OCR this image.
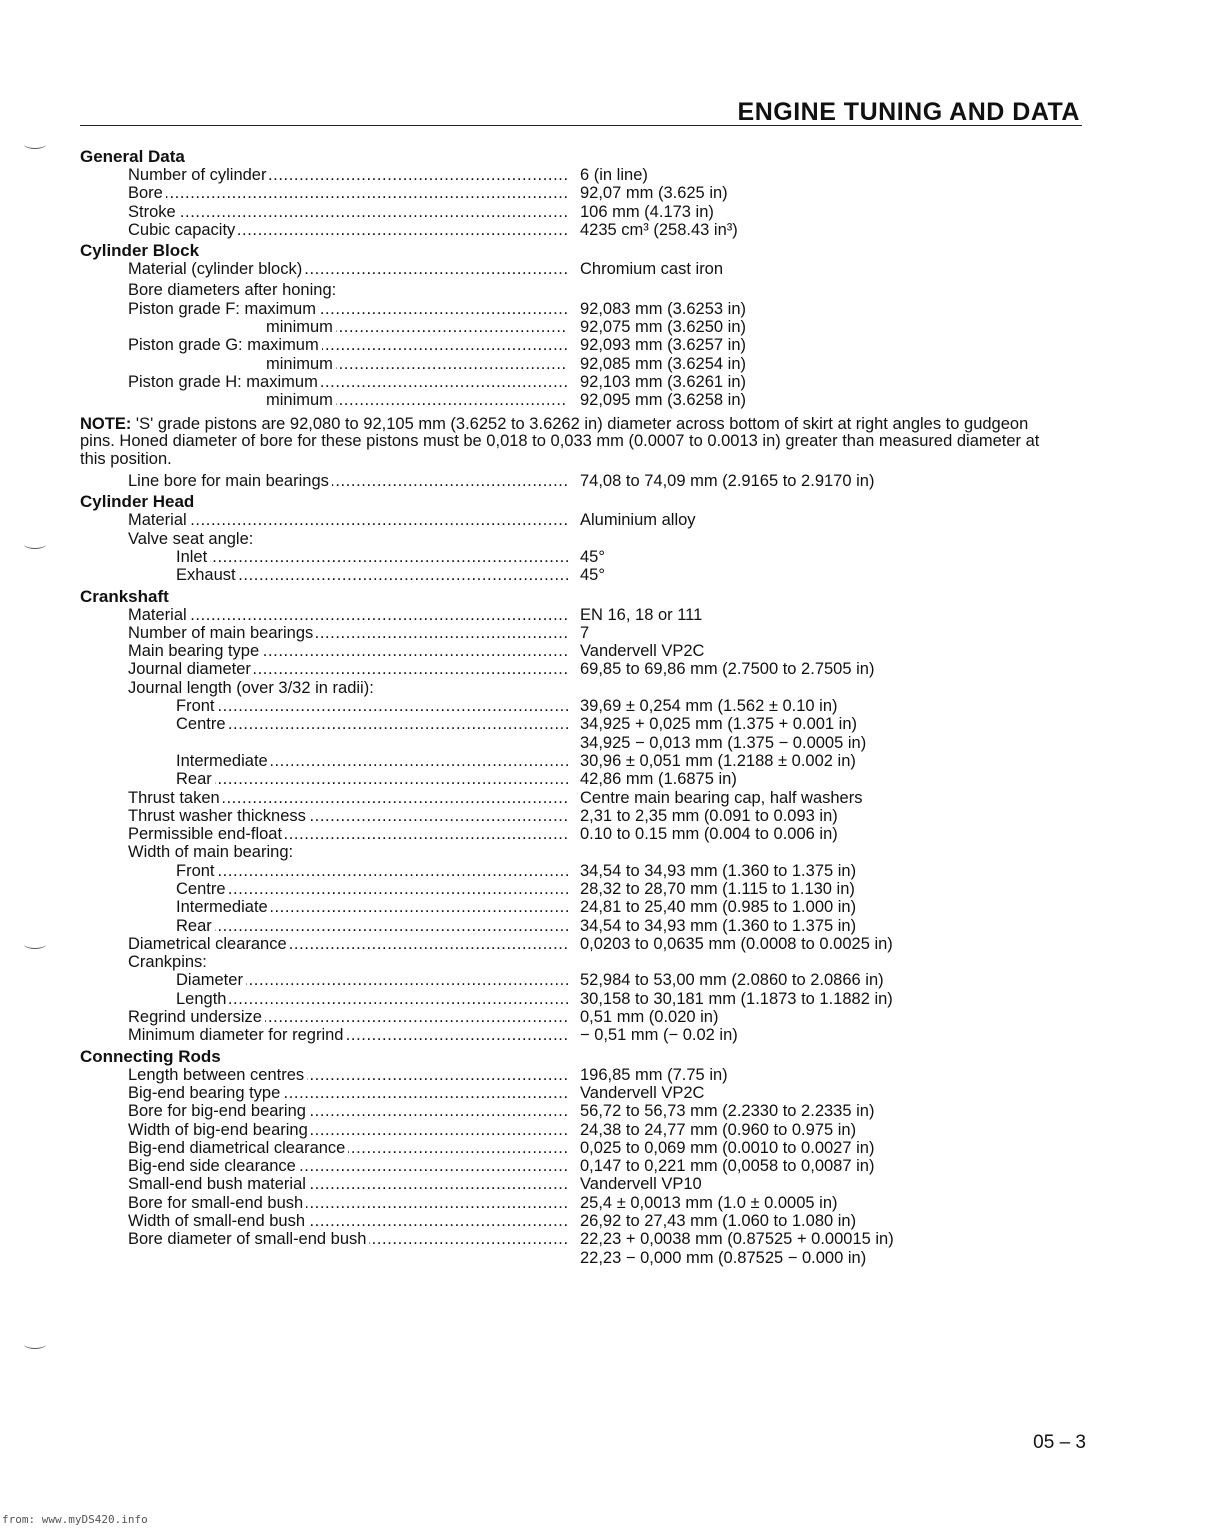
ENGINE TUNING AND DATA
General Data
Number of cylinder .....	6 (in line)
Bore .....	92,07 mm (3.625 in)
Stroke .....	106 mm (4.173 in)
Cubic capacity .....	4235 cm³ (258.43 in³)
Cylinder Block
Material (cylinder block) .....	Chromium cast iron
Bore diameters after honing:
Piston grade F: maximum .....	92,083 mm (3.6253 in)
minimum .....	92,075 mm (3.6250 in)
Piston grade G: maximum .....	92,093 mm (3.6257 in)
minimum .....	92,085 mm (3.6254 in)
Piston grade H: maximum .....	92,103 mm (3.6261 in)
minimum .....	92,095 mm (3.6258 in)
NOTE: 'S' grade pistons are 92,080 to 92,105 mm (3.6252 to 3.6262 in) diameter across bottom of skirt at right angles to gudgeon pins. Honed diameter of bore for these pistons must be 0,018 to 0,033 mm (0.0007 to 0.0013 in) greater than measured diameter at this position.
Line bore for main bearings .....	74,08 to 74,09 mm (2.9165 to 2.9170 in)
Cylinder Head
Material .....	Aluminium alloy
Valve seat angle:
Inlet .....	45°
Exhaust .....	45°
Crankshaft
Material .....	EN 16, 18 or 111
Number of main bearings .....	7
Main bearing type .....	Vandervell VP2C
Journal diameter .....	69,85 to 69,86 mm (2.7500 to 2.7505 in)
Journal length (over 3/32 in radii):
Front .....	39,69 ± 0,254 mm (1.562 ± 0.10 in)
Centre .....	34,925 + 0,025 mm (1.375 + 0.001 in)
34,925 − 0,013 mm (1.375 − 0.0005 in)
Intermediate .....	30,96 ± 0,051 mm (1.2188 ± 0.002 in)
Rear .....	42,86 mm (1.6875 in)
Thrust taken .....	Centre main bearing cap, half washers
Thrust washer thickness .....	2,31 to 2,35 mm (0.091 to 0.093 in)
Permissible end-float .....	0.10 to 0.15 mm (0.004 to 0.006 in)
Width of main bearing:
Front .....	34,54 to 34,93 mm (1.360 to 1.375 in)
Centre .....	28,32 to 28,70 mm (1.115 to 1.130 in)
Intermediate .....	24,81 to 25,40 mm (0.985 to 1.000 in)
Rear .....	34,54 to 34,93 mm (1.360 to 1.375 in)
Diametrical clearance .....	0,0203 to 0,0635 mm (0.0008 to 0.0025 in)
Crankpins:
Diameter .....	52,984 to 53,00 mm (2.0860 to 2.0866 in)
Length .....	30,158 to 30,181 mm (1.1873 to 1.1882 in)
Regrind undersize .....	0,51 mm (0.020 in)
Minimum diameter for regrind .....	− 0,51 mm (− 0.02 in)
Connecting Rods
Length between centres .....	196,85 mm (7.75 in)
Big-end bearing type .....	Vandervell VP2C
Bore for big-end bearing .....	56,72 to 56,73 mm (2.2330 to 2.2335 in)
Width of big-end bearing .....	24,38 to 24,77 mm (0.960 to 0.975 in)
Big-end diametrical clearance .....	0,025 to 0,069 mm (0.0010 to 0.0027 in)
Big-end side clearance .....	0,147 to 0,221 mm (0,0058 to 0,0087 in)
Small-end bush material .....	Vandervell VP10
Bore for small-end bush .....	25,4 ± 0,0013 mm (1.0 ± 0.0005 in)
Width of small-end bush .....	26,92 to 27,43 mm (1.060 to 1.080 in)
Bore diameter of small-end bush .....	22,23 + 0,0038 mm (0.87525 + 0.00015 in)
22,23 − 0,000 mm (0.87525 − 0.000 in)
05 – 3
from: www.myDS420.info
